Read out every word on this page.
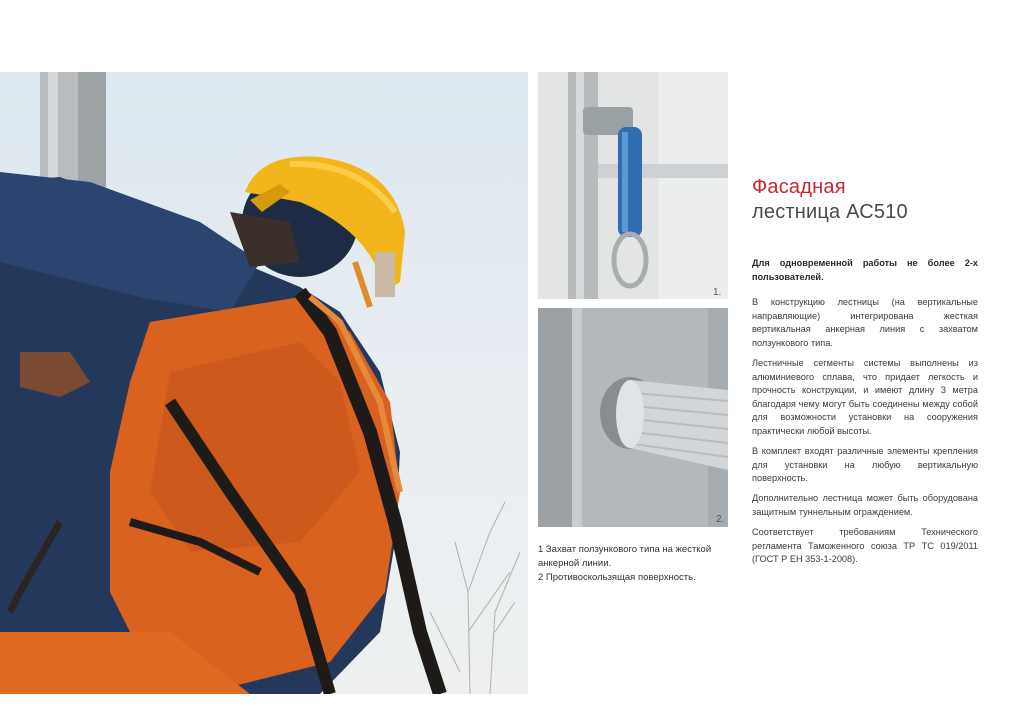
1.
2.

1 Захват ползункового типа на жесткой анкерной линии.

2 Противоскользящая поверхность.

Фасадная
лестница АС510

Для одновременной работы не более 2-х пользователей.

В конструкцию лестницы (на вертикальные направляющие) интегрирована жесткая вертикальная анкерная линия с захватом ползункового типа.

Лестничные сегменты системы выполнены из алюминиевого сплава, что придает легкость и прочность конструкции, и имеют длину 3 метра благодаря чему могут быть соединены между собой для возможности установки на сооружения практически любой высоты.

В комплект входят различные элементы крепления для установки на любую вертикальную поверхность.

Дополнительно лестница может быть оборудована защитным туннельным ограждением.

Соответствует требованиям Технического регламента Таможенного союза ТР ТС 019/2011 (ГОСТ Р ЕН 353-1-2008).
